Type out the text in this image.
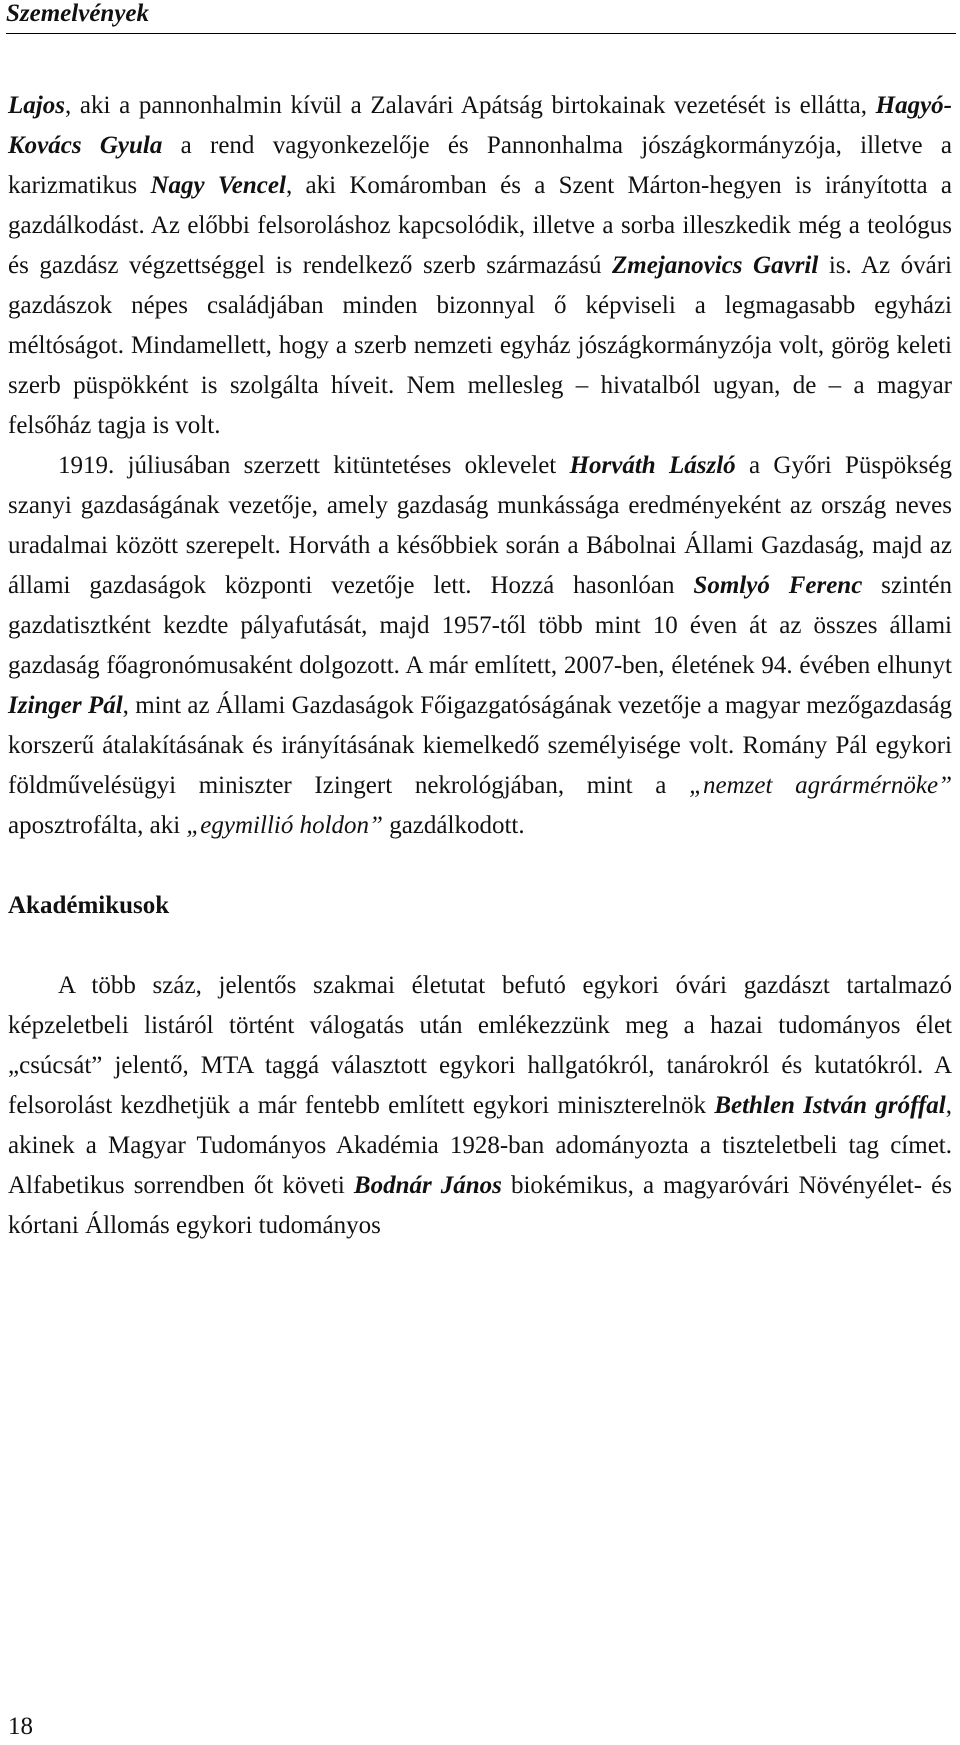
Szemelvények

Lajos, aki a pannonhalmin kívül a Zalavári Apátság birtokainak vezetését is ellátta, Hagyó-Kovács Gyula a rend vagyonkezelője és Pannonhalma jószágkormányzója, illetve a karizmatikus Nagy Vencel, aki Komáromban és a Szent Márton-hegyen is irányította a gazdálkodást. Az előbbi felsoroláshoz kapcsolódik, illetve a sorba illeszkedik még a teológus és gazdász végzettséggel is rendelkező szerb származású Zmejanovics Gavril is. Az óvári gazdászok népes családjában minden bizonnyal ő képviseli a legmagasabb egyházi méltóságot. Mindamellett, hogy a szerb nemzeti egyház jószágkormányzója volt, görög keleti szerb püspökként is szolgálta híveit. Nem mellesleg – hivatalból ugyan, de – a magyar felsőház tagja is volt.

1919. júliusában szerzett kitüntetéses oklevelet Horváth László a Győri Püspökség szanyi gazdaságának vezetője, amely gazdaság munkássága eredményeként az ország neves uradalmai között szerepelt. Horváth a későbbiek során a Bábolnai Állami Gazdaság, majd az állami gazdaságok központi vezetője lett. Hozzá hasonlóan Somlyó Ferenc szintén gazdatisztként kezdte pályafutását, majd 1957-től több mint 10 éven át az összes állami gazdaság főagronómusaként dolgozott. A már említett, 2007-ben, életének 94. évében elhunyt Izinger Pál, mint az Állami Gazdaságok Főigazgatóságának vezetője a magyar mezőgazdaság korszerű átalakításának és irányításának kiemelkedő személyisége volt. Romány Pál egykori földművelésügyi miniszter Izingert nekrológjában, mint a „nemzet agrármérnöke” aposztrofálta, aki „egymillió holdon” gazdálkodott.

Akadémikusok

A több száz, jelentős szakmai életutat befutó egykori óvári gazdászt tartalmazó képzeletbeli listáról történt válogatás után emlékezzünk meg a hazai tudományos élet „csúcsát” jelentő, MTA taggá választott egykori hallgatókról, tanárokról és kutatókról. A felsorolást kezdhetjük a már fentebb említett egykori miniszterelnök Bethlen István gróffal, akinek a Magyar Tudományos Akadémia 1928-ban adományozta a tiszteletbeli tag címet. Alfabetikus sorrendben őt követi Bodnár János biokémikus, a magyaróvári Növényélet- és kórtani Állomás egykori tudományos

18
